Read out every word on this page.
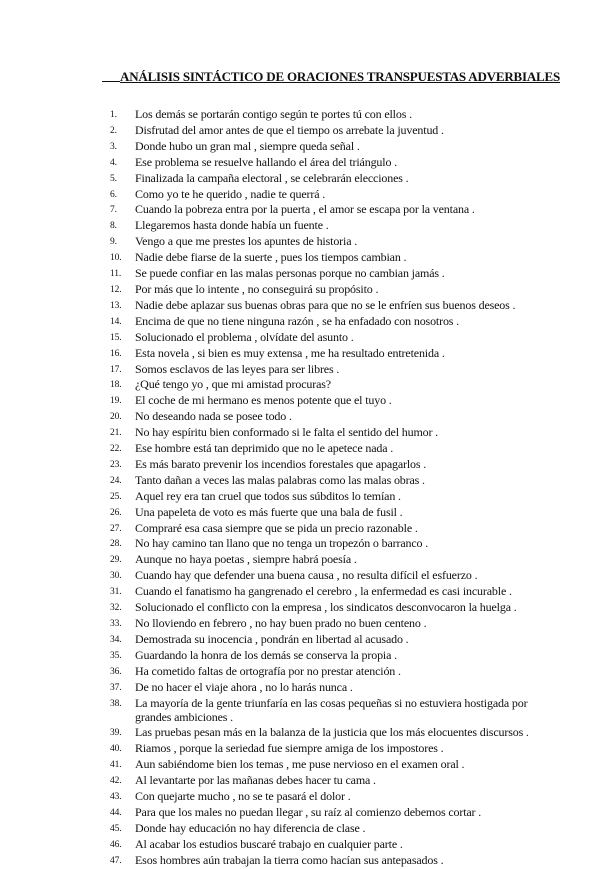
ANÁLISIS SINTÁCTICO DE ORACIONES TRANSPUESTAS ADVERBIALES
1.	Los demás se portarán contigo según te portes tú con ellos .
2.	Disfrutad del amor antes de que el tiempo os arrebate la juventud .
3.	Donde hubo un gran mal , siempre queda señal .
4.	Ese problema se resuelve hallando el área del triángulo .
5.	Finalizada la campaña electoral , se celebrarán elecciones .
6.	Como yo te he querido , nadie te querrá .
7.	Cuando la pobreza entra por la puerta , el amor se escapa por la ventana .
8.	Llegaremos hasta donde había un fuente .
9.	Vengo a que me prestes los apuntes de historia .
10.	Nadie debe fiarse de la suerte , pues los tiempos cambian .
11.	Se puede confiar en las malas personas porque no cambian jamás .
12.	Por más que lo intente , no conseguirá su propósito .
13.	Nadie debe aplazar sus buenas obras para que no se le enfríen sus buenos deseos .
14.	Encima de que no tiene ninguna razón , se ha enfadado con nosotros .
15.	Solucionado el problema , olvídate del asunto .
16.	Esta novela , si bien es muy extensa , me ha resultado entretenida .
17.	Somos esclavos de las leyes para ser libres .
18.	¿Qué tengo yo , que mi amistad procuras?
19.	El coche de mi hermano es menos potente que el tuyo .
20.	No deseando nada se posee todo .
21.	No hay espíritu bien conformado si le falta el sentido del humor .
22.	Ese hombre está tan deprimido que no le apetece nada .
23.	Es más barato prevenir los incendios forestales que apagarlos .
24.	Tanto dañan a veces las malas palabras como las malas obras .
25.	Aquel rey era tan cruel que todos sus súbditos lo temían .
26.	Una papeleta de voto es más fuerte que una bala de fusil .
27.	Compraré esa casa siempre que se pida un precio razonable .
28.	No hay camino tan llano que no tenga un tropezón o barranco .
29.	Aunque no haya poetas , siempre habrá poesía .
30.	Cuando hay que defender una buena causa , no resulta difícil el esfuerzo .
31.	Cuando el fanatismo ha gangrenado el cerebro , la enfermedad es casi incurable .
32.	Solucionado el conflicto con la empresa , los sindicatos desconvocaron la huelga .
33.	No lloviendo en febrero , no hay buen prado no buen centeno .
34.	Demostrada su inocencia , pondrán en libertad al acusado .
35.	Guardando la honra de los demás se conserva la propia .
36.	Ha cometido faltas de ortografía por no prestar atención .
37.	De no hacer el viaje ahora , no lo harás nunca .
38.	La mayoría de la gente triunfaría en las cosas pequeñas si no estuviera hostigada por grandes ambiciones .
39.	Las pruebas pesan más en la balanza de la justicia que los más elocuentes discursos .
40.	Riamos , porque la seriedad fue siempre amiga de los impostores .
41.	Aun sabiéndome bien los temas , me puse nervioso en el examen oral .
42.	Al levantarte por las mañanas debes hacer tu cama .
43.	Con quejarte mucho , no se te pasará el dolor .
44.	Para que los males no puedan llegar , su raíz al comienzo debemos cortar .
45.	Donde hay educación no hay diferencia de clase .
46.	Al acabar los estudios buscaré trabajo en cualquier parte .
47.	Esos hombres aún trabajan la tierra como hacían sus antepasados .
